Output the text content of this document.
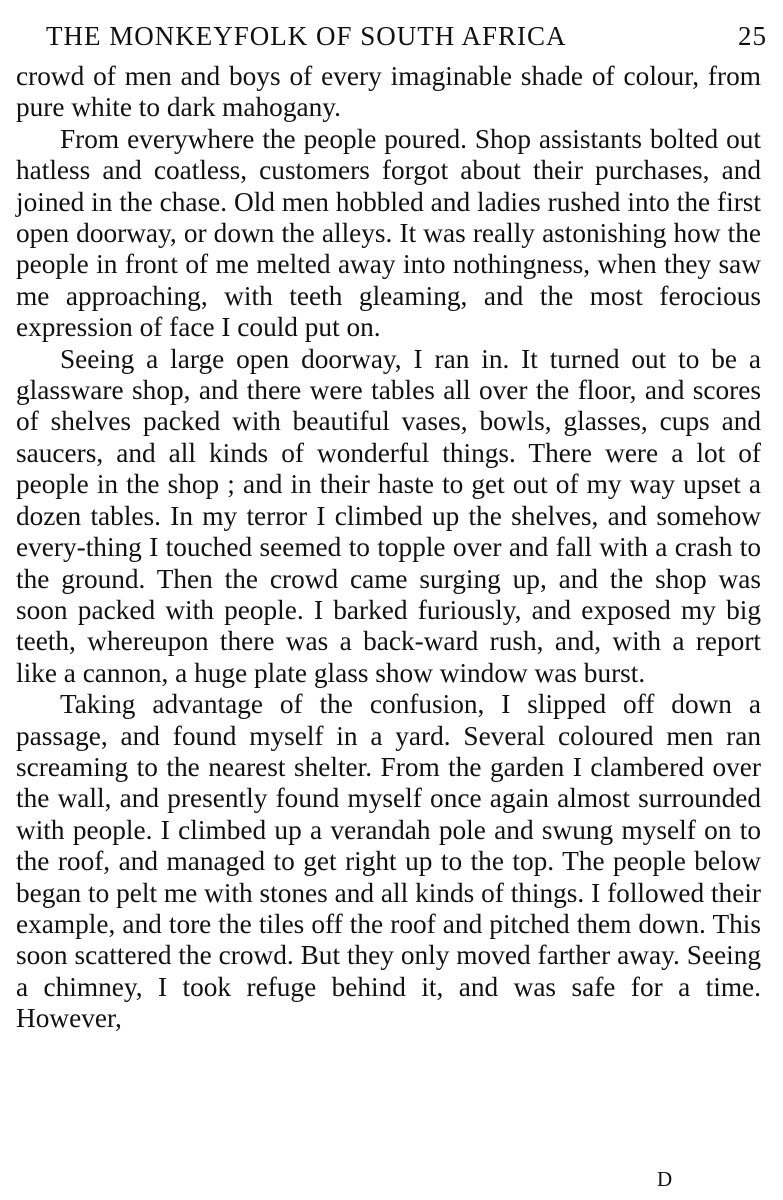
THE MONKEYFOLK OF SOUTH AFRICA	25

crowd of men and boys of every imaginable shade of colour, from pure white to dark mahogany.

From everywhere the people poured. Shop assistants bolted out hatless and coatless, customers forgot about their purchases, and joined in the chase. Old men hobbled and ladies rushed into the first open doorway, or down the alleys. It was really astonishing how the people in front of me melted away into nothingness, when they saw me approaching, with teeth gleaming, and the most ferocious expression of face I could put on.

Seeing a large open doorway, I ran in. It turned out to be a glassware shop, and there were tables all over the floor, and scores of shelves packed with beautiful vases, bowls, glasses, cups and saucers, and all kinds of wonderful things. There were a lot of people in the shop ; and in their haste to get out of my way upset a dozen tables. In my terror I climbed up the shelves, and somehow every-thing I touched seemed to topple over and fall with a crash to the ground. Then the crowd came surging up, and the shop was soon packed with people. I barked furiously, and exposed my big teeth, whereupon there was a back-ward rush, and, with a report like a cannon, a huge plate glass show window was burst.

Taking advantage of the confusion, I slipped off down a passage, and found myself in a yard. Several coloured men ran screaming to the nearest shelter. From the garden I clambered over the wall, and presently found myself once again almost surrounded with people. I climbed up a verandah pole and swung myself on to the roof, and managed to get right up to the top. The people below began to pelt me with stones and all kinds of things. I followed their example, and tore the tiles off the roof and pitched them down. This soon scattered the crowd. But they only moved farther away. Seeing a chimney, I took refuge behind it, and was safe for a time. However,

D
